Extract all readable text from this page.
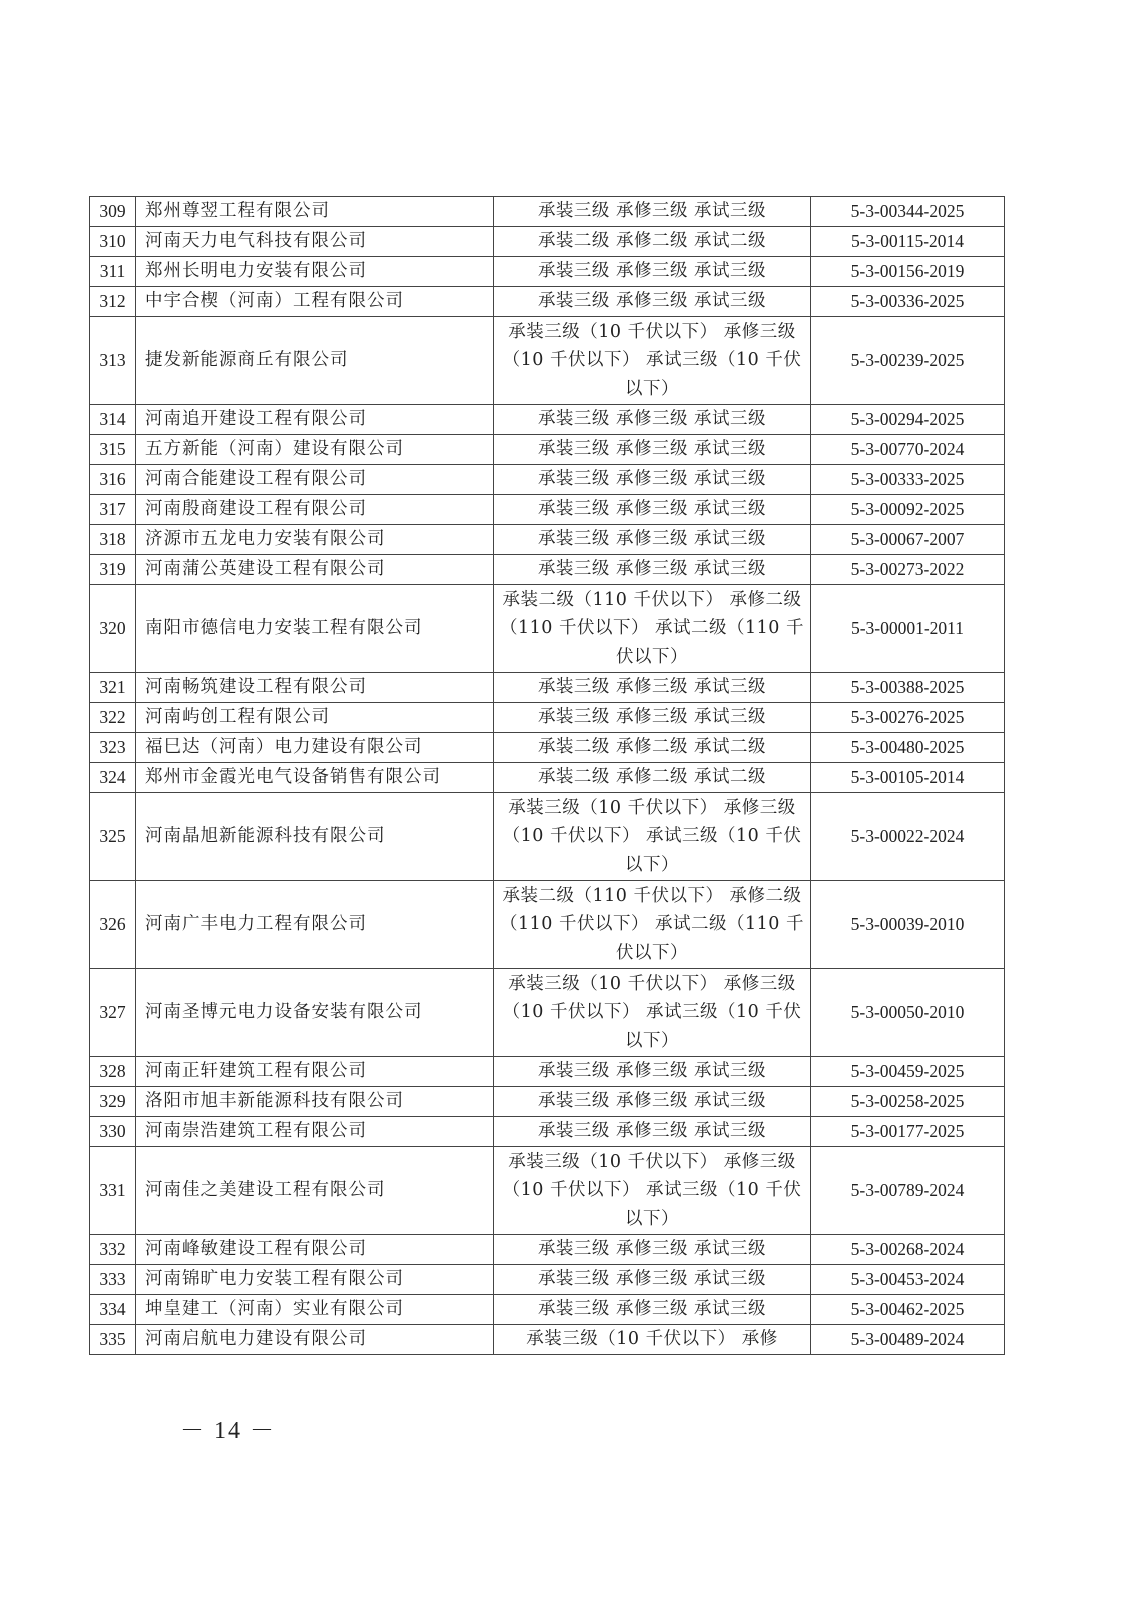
309	郑州尊翌工程有限公司	承装三级 承修三级 承试三级	5-3-00344-2025
310	河南天力电气科技有限公司	承装二级 承修二级 承试二级	5-3-00115-2014
311	郑州长明电力安装有限公司	承装三级 承修三级 承试三级	5-3-00156-2019
312	中宇合楔（河南）工程有限公司	承装三级 承修三级 承试三级	5-3-00336-2025
313	捷发新能源商丘有限公司	承装三级（10 千伏以下） 承修三级（10 千伏以下） 承试三级（10 千伏以下）	5-3-00239-2025
314	河南追开建设工程有限公司	承装三级 承修三级 承试三级	5-3-00294-2025
315	五方新能（河南）建设有限公司	承装三级 承修三级 承试三级	5-3-00770-2024
316	河南合能建设工程有限公司	承装三级 承修三级 承试三级	5-3-00333-2025
317	河南殷商建设工程有限公司	承装三级 承修三级 承试三级	5-3-00092-2025
318	济源市五龙电力安装有限公司	承装三级 承修三级 承试三级	5-3-00067-2007
319	河南蒲公英建设工程有限公司	承装三级 承修三级 承试三级	5-3-00273-2022
320	南阳市德信电力安装工程有限公司	承装二级（110 千伏以下） 承修二级（110 千伏以下） 承试二级（110 千伏以下）	5-3-00001-2011
321	河南畅筑建设工程有限公司	承装三级 承修三级 承试三级	5-3-00388-2025
322	河南屿创工程有限公司	承装三级 承修三级 承试三级	5-3-00276-2025
323	福巳达（河南）电力建设有限公司	承装二级 承修二级 承试二级	5-3-00480-2025
324	郑州市金霞光电气设备销售有限公司	承装二级 承修二级 承试二级	5-3-00105-2014
325	河南晶旭新能源科技有限公司	承装三级（10 千伏以下） 承修三级（10 千伏以下） 承试三级（10 千伏以下）	5-3-00022-2024
326	河南广丰电力工程有限公司	承装二级（110 千伏以下） 承修二级（110 千伏以下） 承试二级（110 千伏以下）	5-3-00039-2010
327	河南圣博元电力设备安装有限公司	承装三级（10 千伏以下） 承修三级（10 千伏以下） 承试三级（10 千伏以下）	5-3-00050-2010
328	河南正轩建筑工程有限公司	承装三级 承修三级 承试三级	5-3-00459-2025
329	洛阳市旭丰新能源科技有限公司	承装三级 承修三级 承试三级	5-3-00258-2025
330	河南崇浩建筑工程有限公司	承装三级 承修三级 承试三级	5-3-00177-2025
331	河南佳之美建设工程有限公司	承装三级（10 千伏以下） 承修三级（10 千伏以下） 承试三级（10 千伏以下）	5-3-00789-2024
332	河南峰敏建设工程有限公司	承装三级 承修三级 承试三级	5-3-00268-2024
333	河南锦旷电力安装工程有限公司	承装三级 承修三级 承试三级	5-3-00453-2024
334	坤皇建工（河南）实业有限公司	承装三级 承修三级 承试三级	5-3-00462-2025
335	河南启航电力建设有限公司	承装三级（10 千伏以下） 承修	5-3-00489-2024
－ 14 －
